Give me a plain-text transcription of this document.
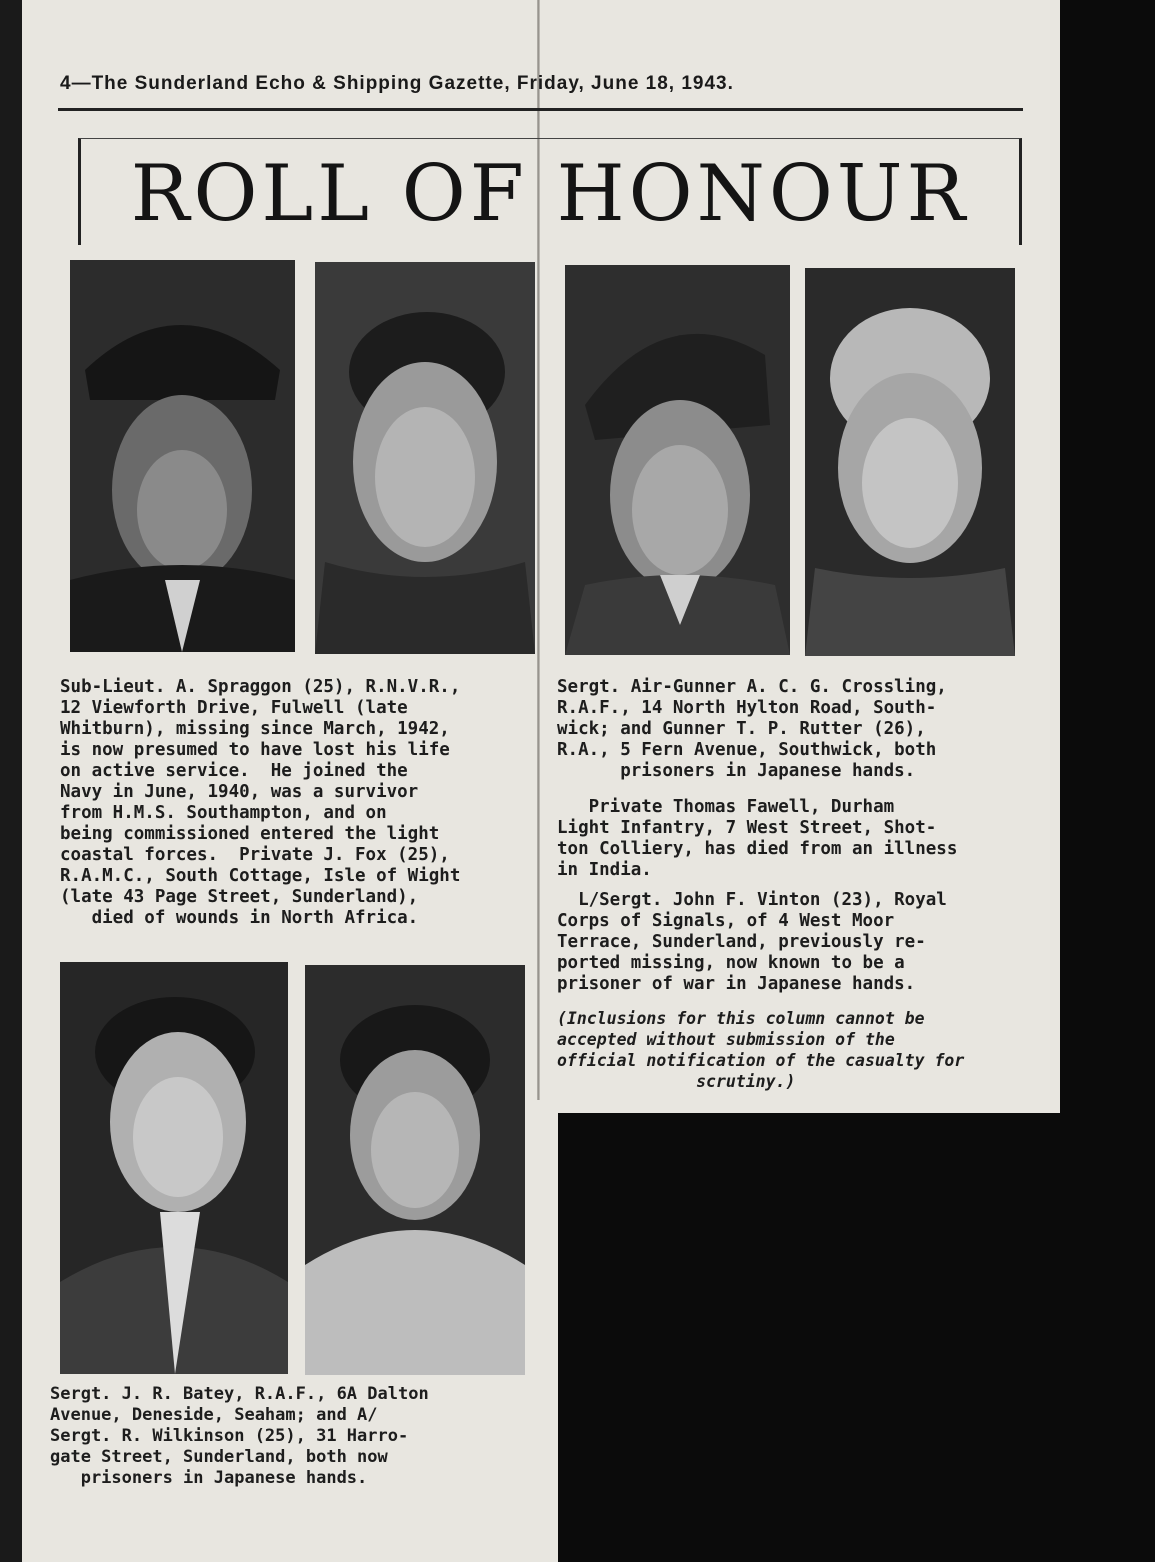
4—The Sunderland Echo & Shipping Gazette, Friday, June 18, 1943.
ROLL OF HONOUR
Sub-Lieut. A. Spraggon (25), R.N.V.R.,
12 Viewforth Drive, Fulwell (late
Whitburn), missing since March, 1942,
is now presumed to have lost his life
on active service.  He joined the
Navy in June, 1940, was a survivor
from H.M.S. Southampton, and on
being commissioned entered the light
coastal forces.  Private J. Fox (25),
R.A.M.C., South Cottage, Isle of Wight
(late 43 Page Street, Sunderland),
died of wounds in North Africa.
Sergt. Air-Gunner A. C. G. Crossling,
R.A.F., 14 North Hylton Road, South-
wick; and Gunner T. P. Rutter (26),
R.A., 5 Fern Avenue, Southwick, both
prisoners in Japanese hands.
Private Thomas Fawell, Durham
Light Infantry, 7 West Street, Shot-
ton Colliery, has died from an illness
in India.
L/Sergt. John F. Vinton (23), Royal
Corps of Signals, of 4 West Moor
Terrace, Sunderland, previously re-
ported missing, now known to be a
prisoner of war in Japanese hands.
(Inclusions for this column cannot be
accepted without submission of the
official notification of the casualty for
scrutiny.)
Sergt. J. R. Batey, R.A.F., 6A Dalton
Avenue, Deneside, Seaham; and A/
Sergt. R. Wilkinson (25), 31 Harro-
gate Street, Sunderland, both now
prisoners in Japanese hands.
